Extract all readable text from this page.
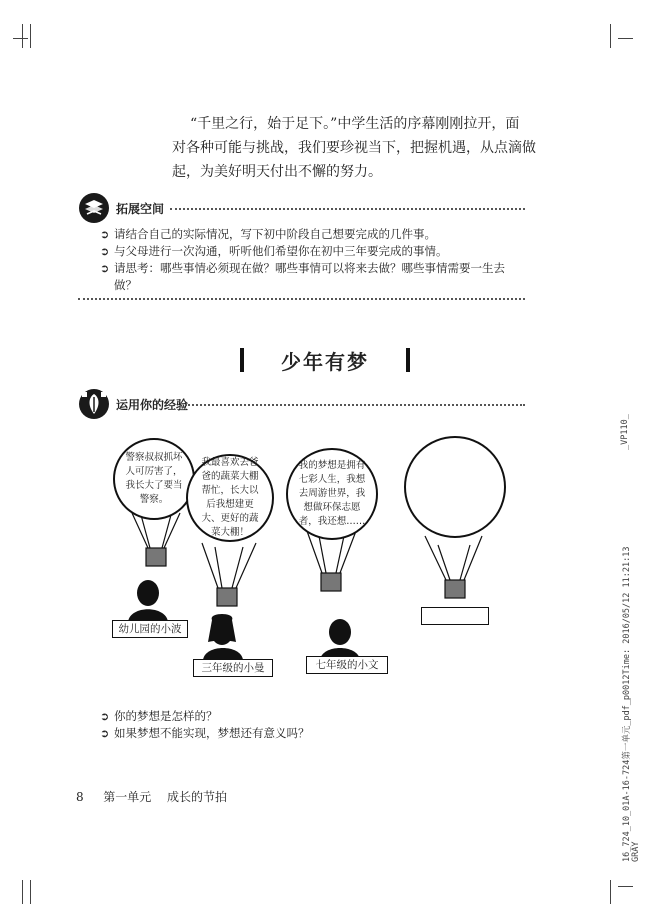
“千里之行，始于足下。”中学生活的序幕刚刚拉开，面
对各种可能与挑战，我们要珍视当下，把握机遇，从点滴做
起，为美好明天付出不懈的努力。
拓展空间
➲ 请结合自己的实际情况，写下初中阶段自己想要完成的几件事。
➲ 与父母进行一次沟通，听听他们希望你在初中三年要完成的事情。
➲ 请思考：哪些事情必须现在做？哪些事情可以将来去做？哪些事情需要一生去做？
少年有梦
运用你的经验
警察叔叔抓坏人可厉害了，我长大了要当警察。
我最喜欢去爸爸的蔬菜大棚帮忙，长大以后我想建更大、更好的蔬菜大棚！
我的梦想是拥有七彩人生，我想去周游世界，我想做环保志愿者，我还想……
幼儿园的小波
三年级的小曼	七年级的小文
➲ 你的梦想是怎样的？
➲ 如果梦想不能实现，梦想还有意义吗？
8 第一单元 成长的节拍
_VP110_
16_724_10_01A-16-724第一单元_pdf_p0012Time: 2016/05/12 11:21:13 GRAY
